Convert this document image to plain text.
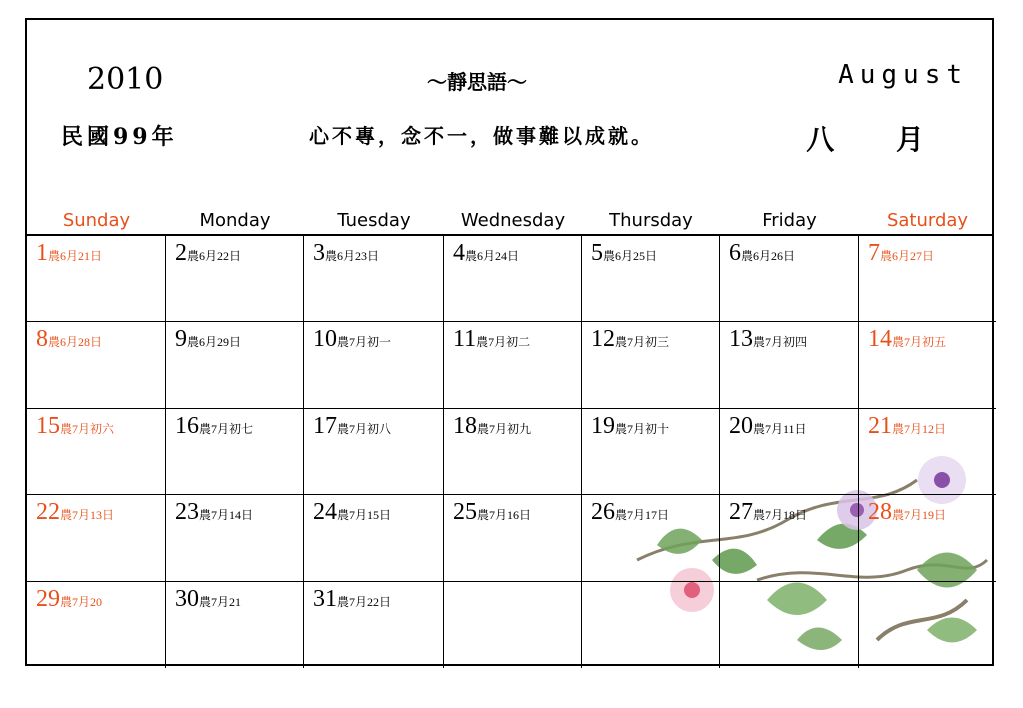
2010
民國99年
～靜思語～
心不專，念不一，做事難以成就。
August
八 月
Sunday	Monday	Tuesday	Wednesday	Thursday	Friday	Saturday
1農6月21日	2農6月22日	3農6月23日	4農6月24日	5農6月25日	6農6月26日	7農6月27日
8農6月28日	9農6月29日	10農7月初一	11農7月初二	12農7月初三	13農7月初四	14農7月初五
15農7月初六	16農7月初七	17農7月初八	18農7月初九	19農7月初十	20農7月11日	21農7月12日
22農7月13日	23農7月14日	24農7月15日	25農7月16日	26農7月17日	27農7月18日	28農7月19日
29農7月20	30農7月21	31農7月22日
